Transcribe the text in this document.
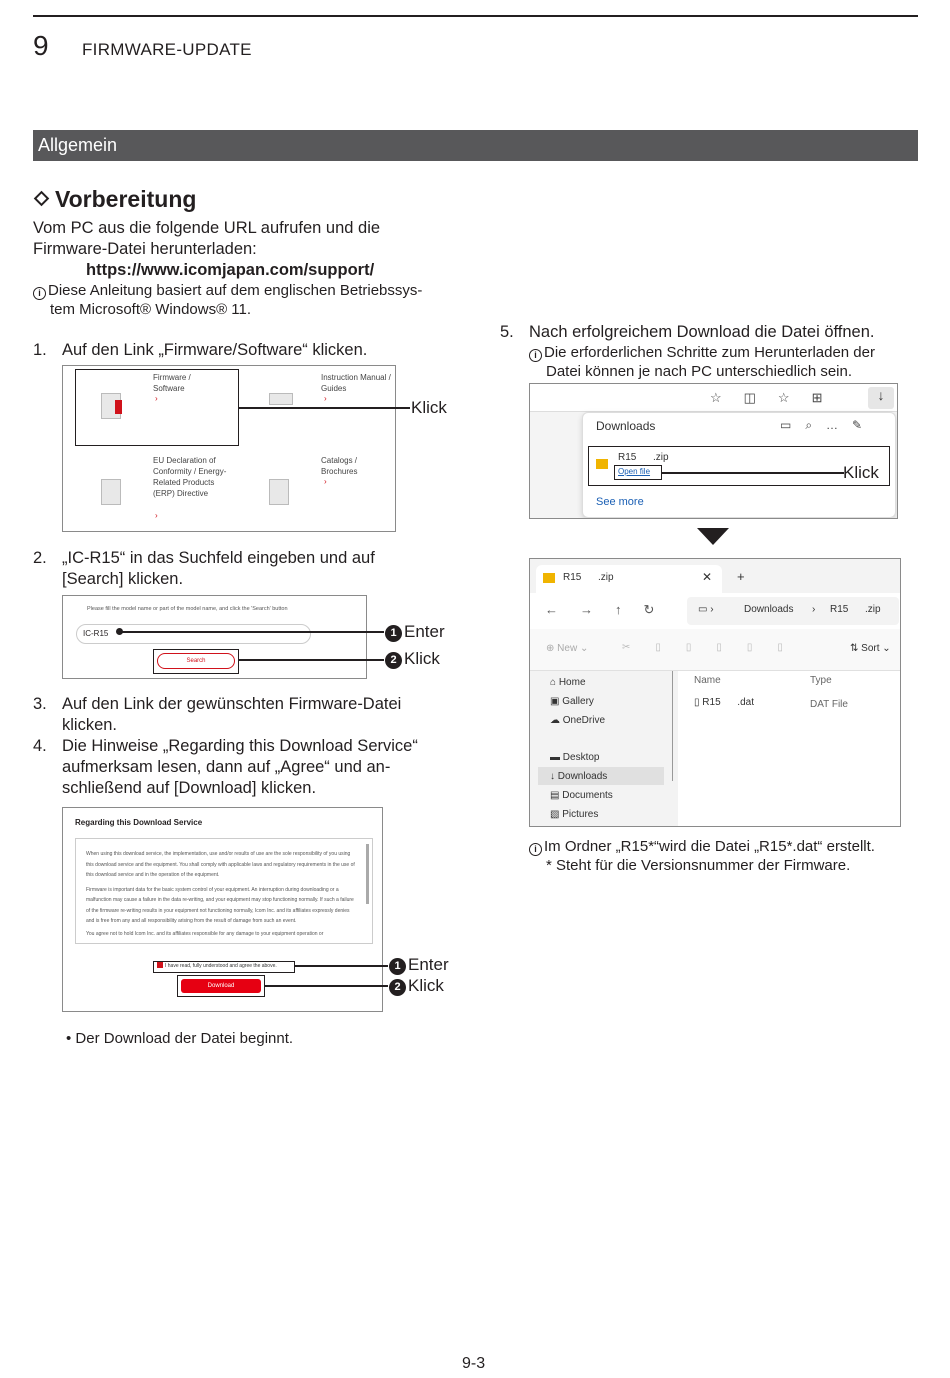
9 FIRMWARE-UPDATE
Allgemein
Vorbereitung
Vom PC aus die folgende URL aufrufen und die
Firmware-Datei herunterladen:
https://www.icomjapan.com/support/
i Diese Anleitung basiert auf dem englischen Betriebssys-
tem Microsoft® Windows® 11.
1. Auf den Link „Firmware/Software“ klicken.
Firmware / Software
›
Instruction Manual / Guides
›
EU Declaration of Conformity / Energy-Related Products (ERP) Directive
›
Catalogs / Brochures
›
Klick
2. „IC-R15“ in das Suchfeld eingeben und auf
[Search] klicken.
Please fill the model name or part of the model name, and click the 'Search' button
IC-R15
Search
1 Enter
2 Klick
3. Auf den Link der gewünschten Firmware-Datei
klicken.
4. Die Hinweise „Regarding this Download Service“
aufmerksam lesen, dann auf „Agree“ und an-
schließend auf [Download] klicken.
Regarding this Download Service
When using this download service, the implementation, use and/or results of use are the sole responsibility of you using this download service and the equipment. You shall comply with applicable laws and regulatory requirements in the use of this download service and in the operation of the equipment.
Firmware is important data for the basic system control of your equipment. An interruption during downloading or a malfunction may cause a failure in the data re-writing, and your equipment may stop functioning normally. If such a failure of the firmware re-writing results in your equipment not functioning normally, Icom Inc. and its affiliates expressly denies and is free from any and all responsibility arising from the result of damage from such an event.
You agree not to hold Icom Inc. and its affiliates responsible for any damage to your equipment operation or
I have read, fully understood and agree the above.
Download
1 Enter
2 Klick
• Der Download der Datei beginnt.
5. Nach erfolgreichem Download die Datei öffnen.
i Die erforderlichen Schritte zum Herunterladen der
Datei können je nach PC unterschiedlich sein.
☆◫☆⊞	↓
Downloads	▭⌕…✎
R15      .zip
Open file
See more
Klick
R15      .zip	✕ +
←→↑↻ ▭ ›	Downloads › R15      .zip
⊕ New ⌄	✂▯▯▯▯▯	⇅ Sort ⌄
⌂ Home
▣ Gallery
☁ OneDrive
▬ Desktop
↓ Downloads
▤ Documents
▧ Pictures
Name	Type
▯ R15      .dat	DAT File
i Im Ordner „R15*“wird die Datei „R15*.dat“ erstellt.
* Steht für die Versionsnummer der Firmware.
9-3
